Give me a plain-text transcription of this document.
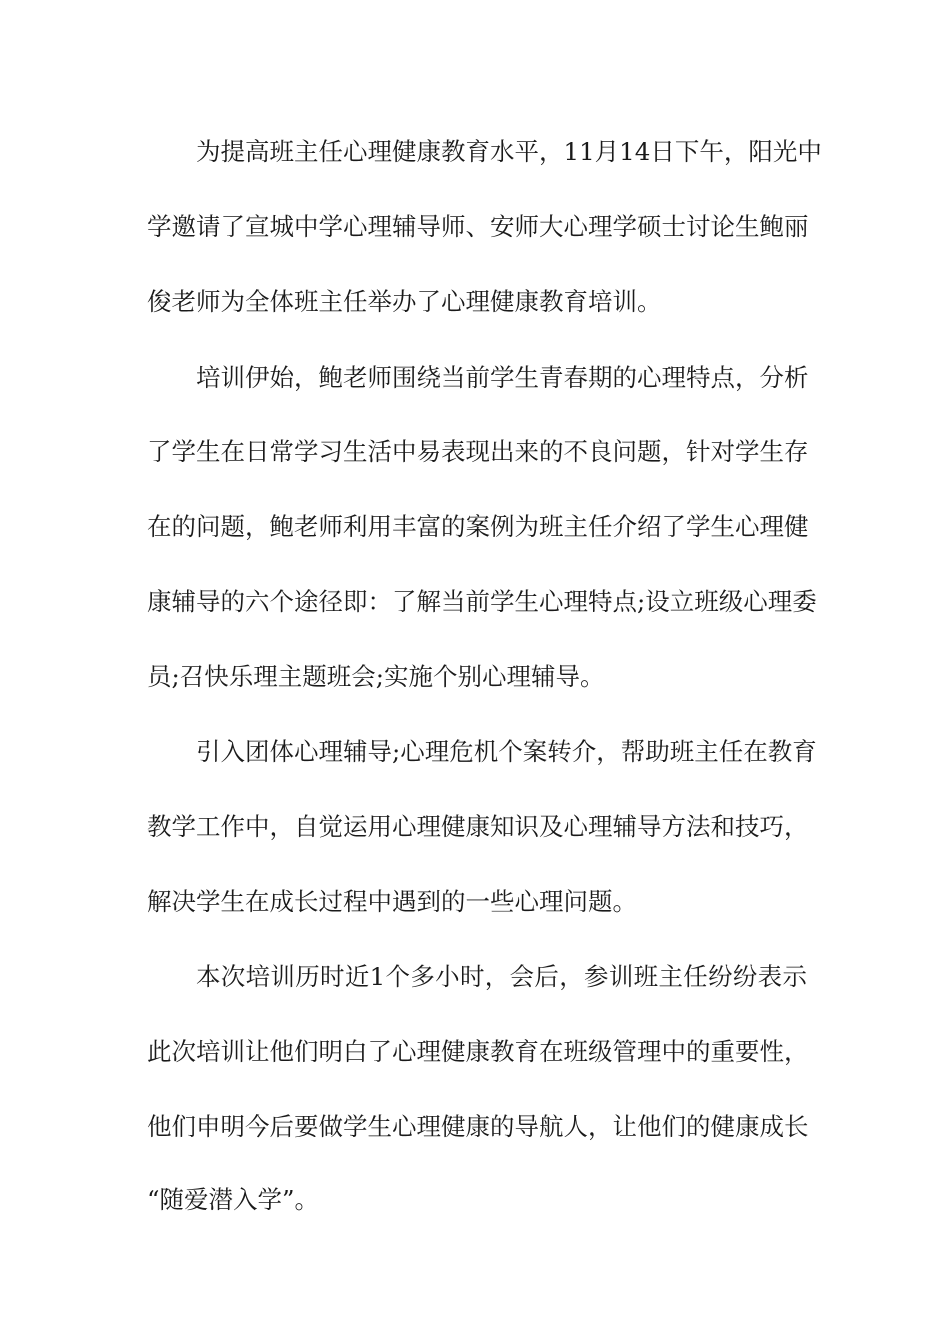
为提高班主任心理健康教育水平，11月14日下午，阳光中

学邀请了宣城中学心理辅导师、安师大心理学硕士讨论生鲍丽

俊老师为全体班主任举办了心理健康教育培训。

培训伊始，鲍老师围绕当前学生青春期的心理特点，分析

了学生在日常学习生活中易表现出来的不良问题，针对学生存

在的问题，鲍老师利用丰富的案例为班主任介绍了学生心理健

康辅导的六个途径即：了解当前学生心理特点;设立班级心理委

员;召快乐理主题班会;实施个别心理辅导。

引入团体心理辅导;心理危机个案转介，帮助班主任在教育

教学工作中，自觉运用心理健康知识及心理辅导方法和技巧，

解决学生在成长过程中遇到的一些心理问题。

本次培训历时近1个多小时，会后，参训班主任纷纷表示

此次培训让他们明白了心理健康教育在班级管理中的重要性，

他们申明今后要做学生心理健康的导航人，让他们的健康成长

“随爱潜入学”。
